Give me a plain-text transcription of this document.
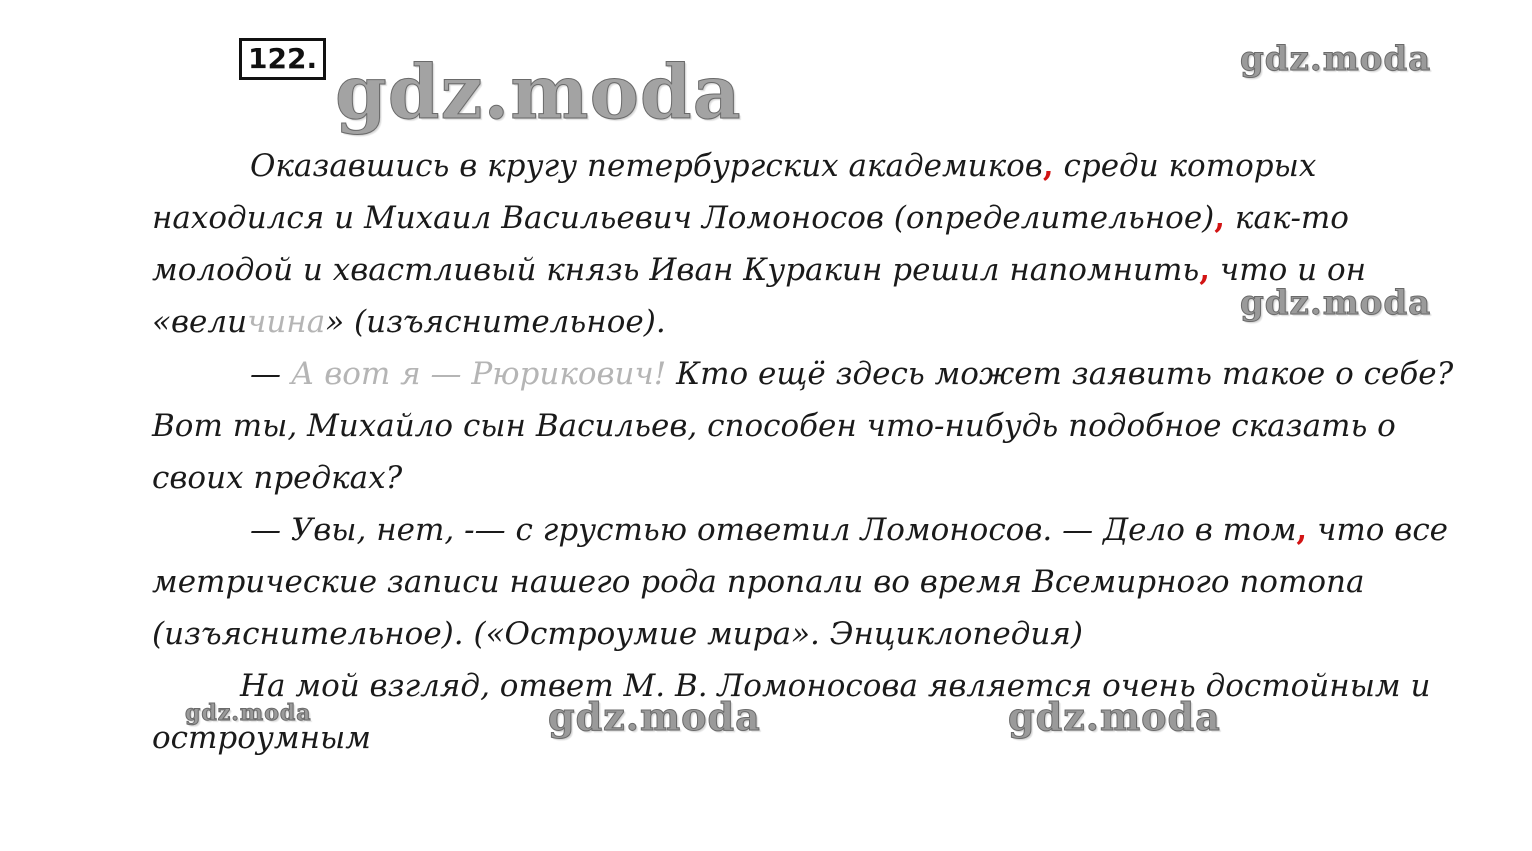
122. gdz.moda	gdz.moda
gdz.moda
gdz.moda	gdz.moda	gdz.moda

Оказавшись в кругу петербургских академиков, среди которых находился и Михаил Васильевич Ломоносов (определительное), как-то молодой и хвастливый князь Иван Куракин решил напомнить, что и он «величина» (изъяснительное).

— А вот я — Рюрикович! Кто ещё здесь может заявить такое о себе? Вот ты, Михайло сын Васильев, способен что-нибудь подобное сказать о своих предках?

— Увы, нет, -— с грустью ответил Ломоносов. — Дело в том, что все метрические записи нашего рода пропали во время Всемирного потопа (изъяснительное). («Остроумие мира». Энциклопедия)

На мой взгляд, ответ М. В. Ломоносова является очень достойным и остроумным
